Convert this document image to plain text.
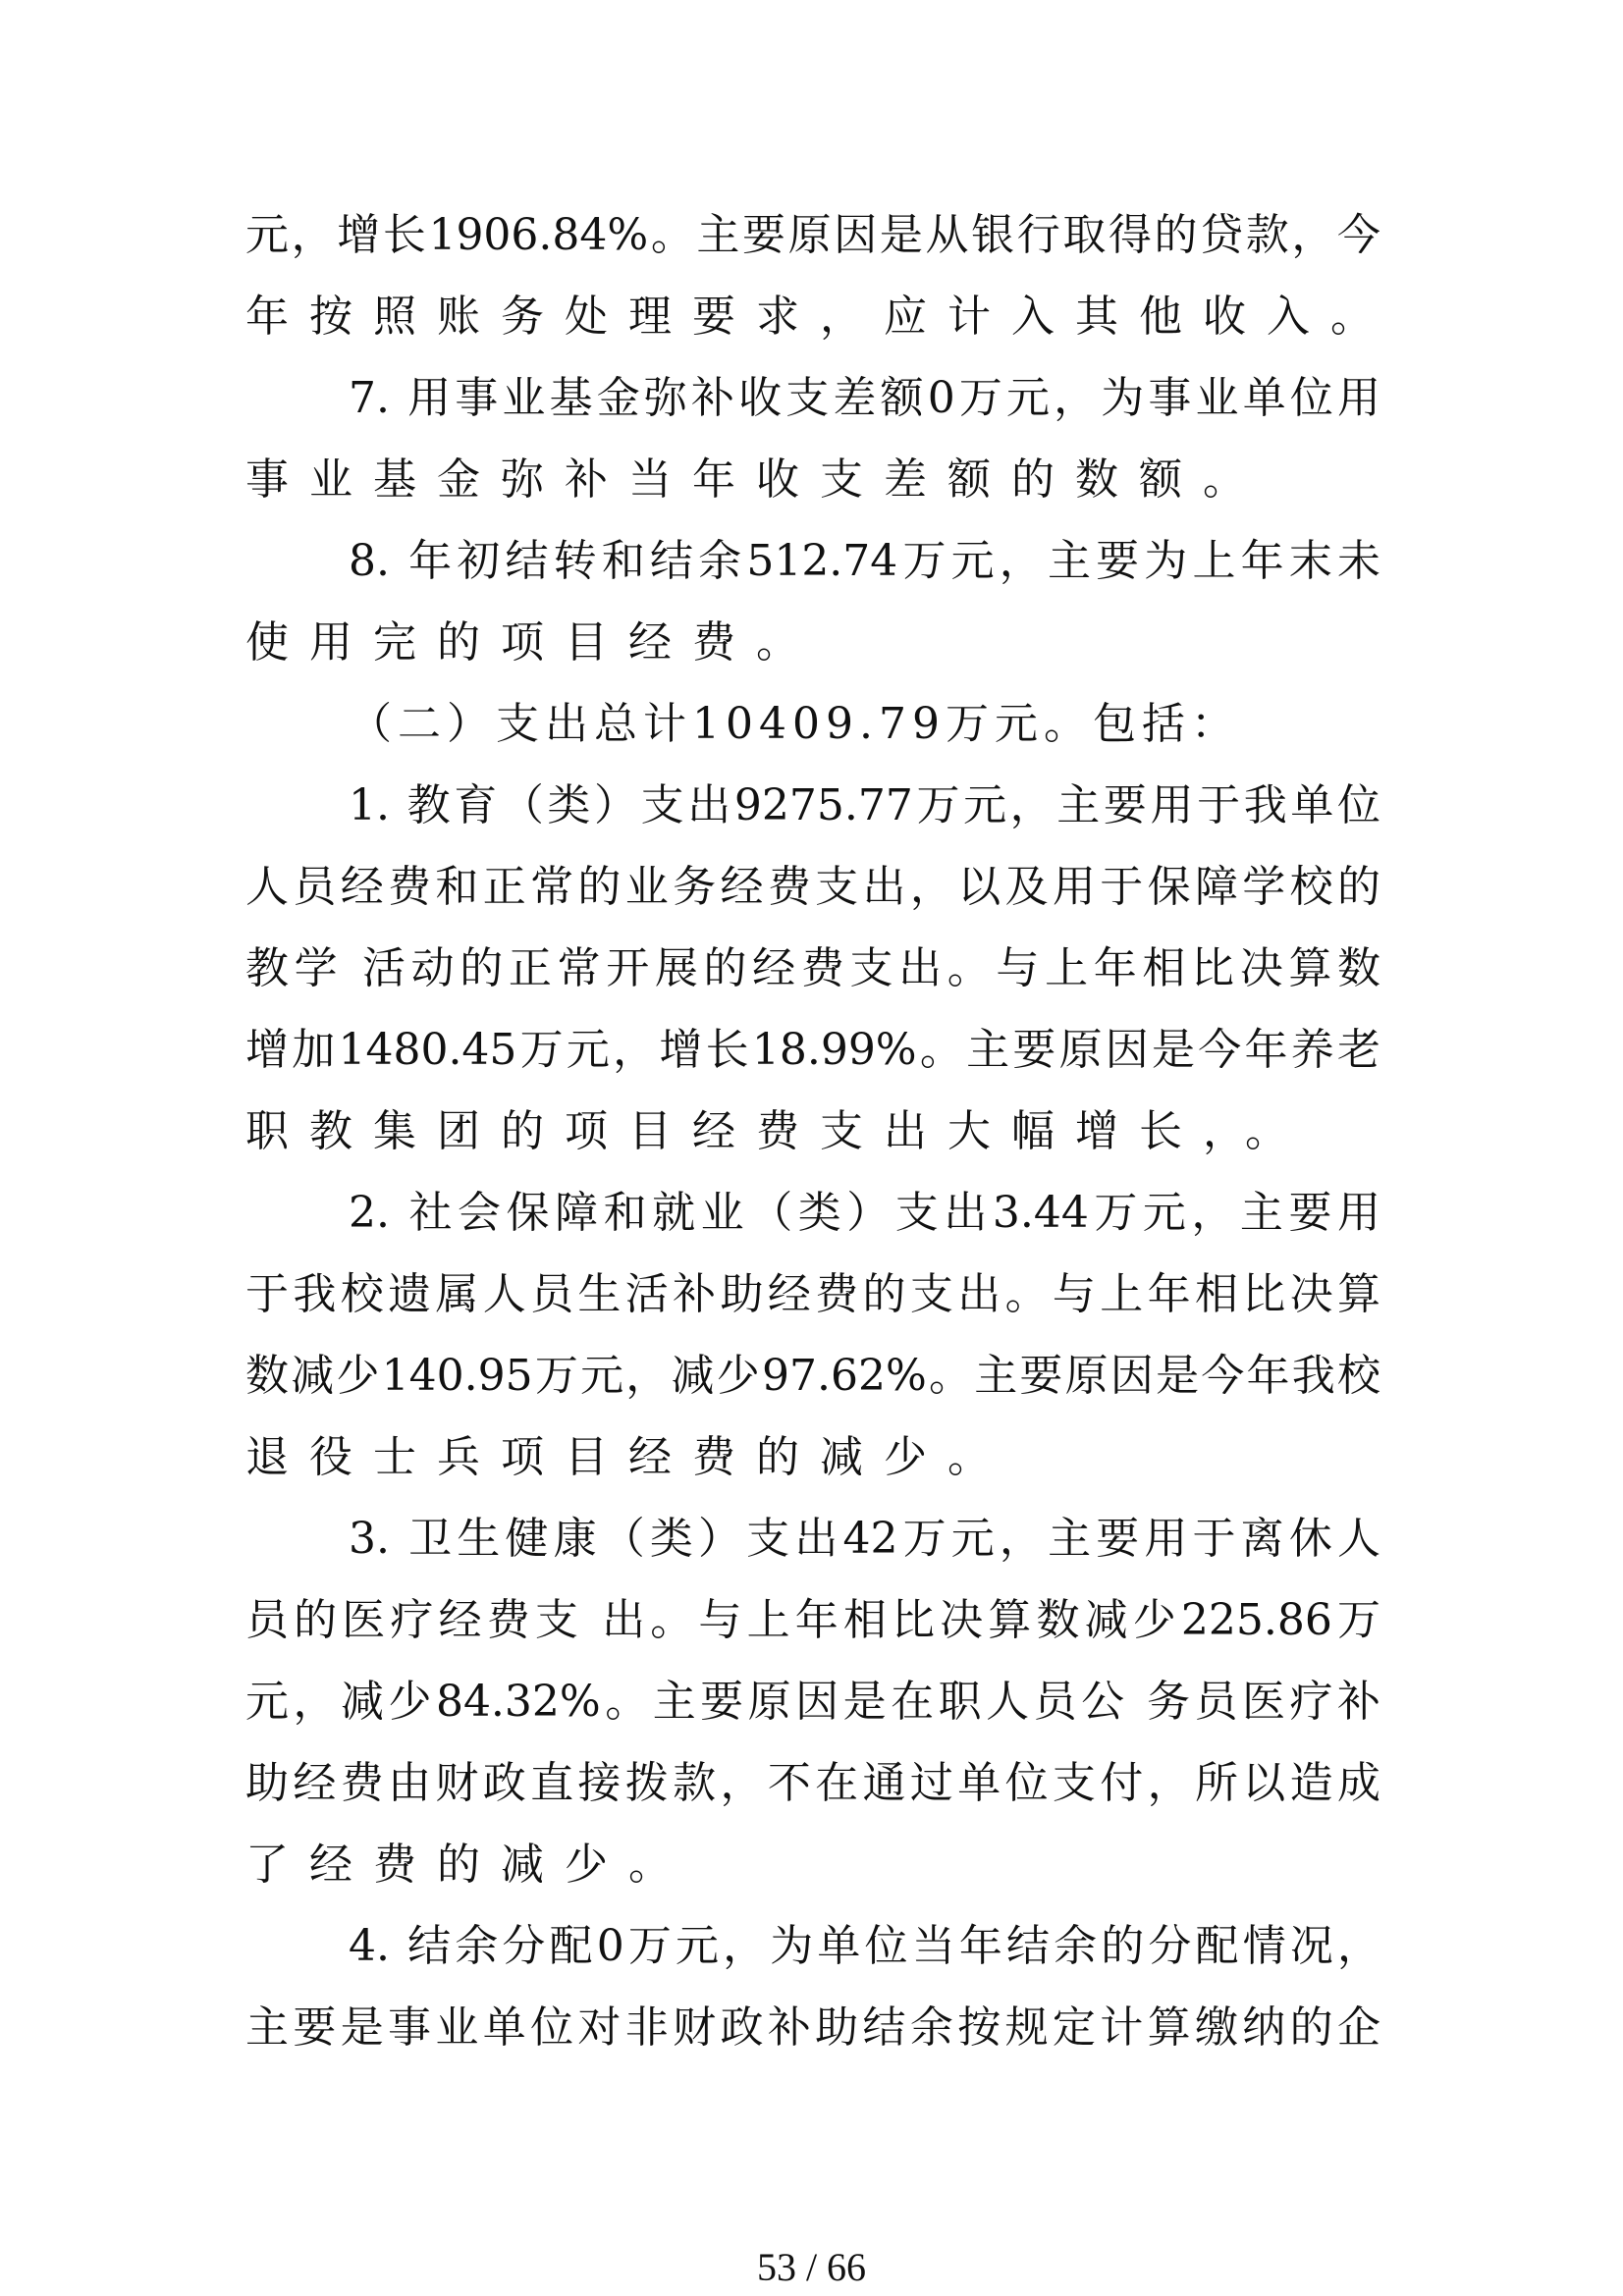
元，增长1906.84%。主要原因是从银行取得的贷款，今
年按照账务处理要求，应计入其他收入。
7. 用事业基金弥补收支差额0万元，为事业单位用
事业基金弥补当年收支差额的数额。
8. 年初结转和结余512.74万元，主要为上年末未
使用完的项目经费。
（二）支出总计10409.79万元。包括：
1. 教育（类）支出9275.77万元，主要用于我单位
人员经费和正常的业务经费支出，以及用于保障学校的
教学 活动的正常开展的经费支出。与上年相比决算数
增加1480.45万元，增长18.99%。主要原因是今年养老
职教集团的项目经费支出大幅增长，。
2. 社会保障和就业（类）支出3.44万元，主要用
于我校遗属人员生活补助经费的支出。与上年相比决算
数减少140.95万元，减少97.62%。主要原因是今年我校
退役士兵项目经费的减少。
3. 卫生健康（类）支出42万元，主要用于离休人
员的医疗经费支 出。与上年相比决算数减少225.86万
元，减少84.32%。主要原因是在职人员公 务员医疗补
助经费由财政直接拨款，不在通过单位支付，所以造成
了经费的减少。
4. 结余分配0万元，为单位当年结余的分配情况，
主要是事业单位对非财政补助结余按规定计算缴纳的企
53 / 66
